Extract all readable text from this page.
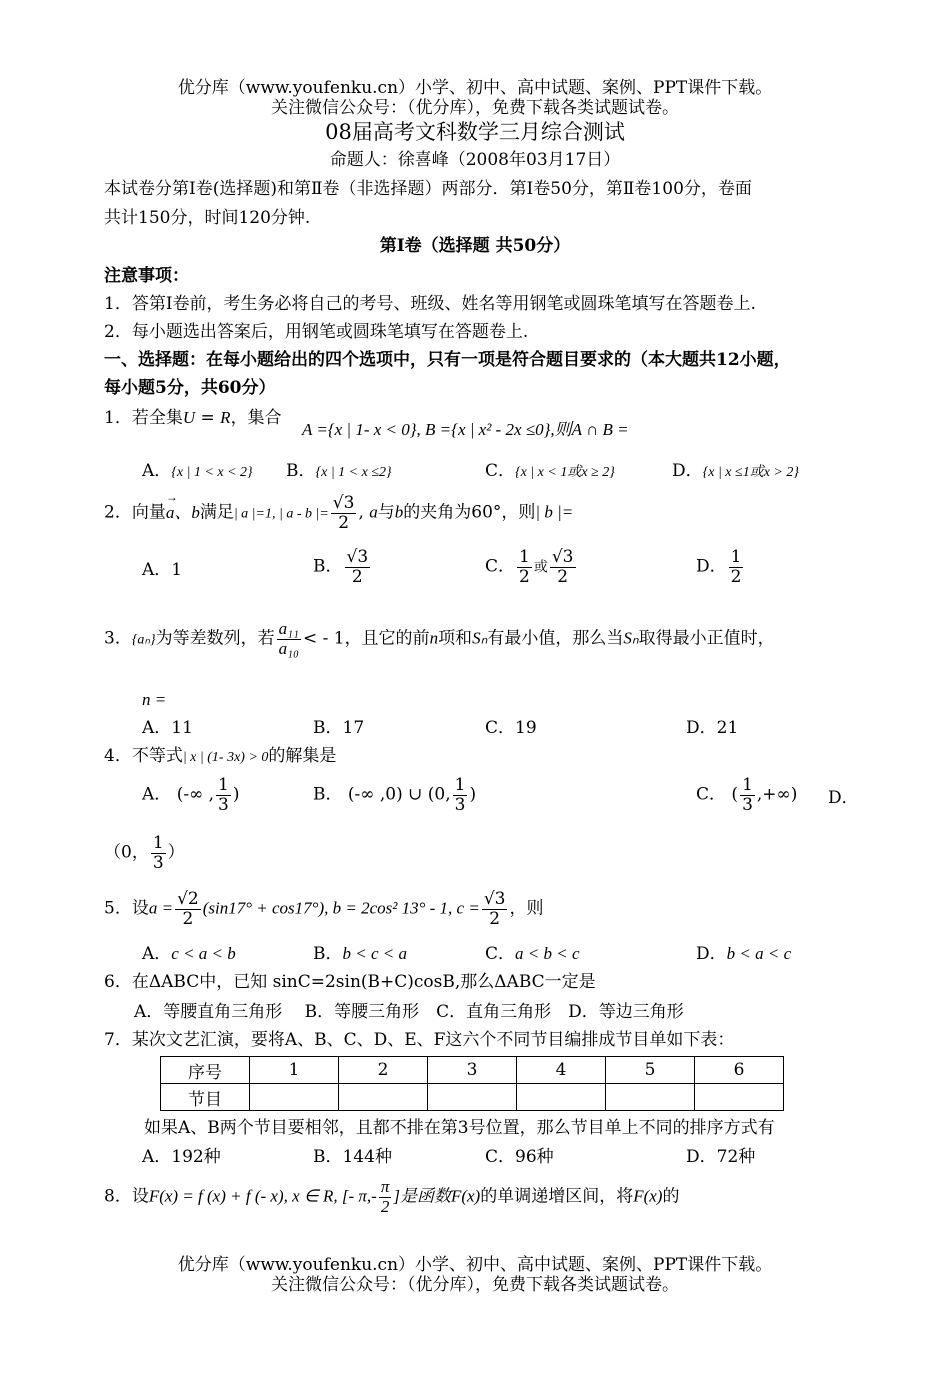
优分库（www.youfenku.cn）小学、初中、高中试题、案例、PPT课件下载。
关注微信公众号：（优分库），免费下载各类试题试卷。
08届高考文科数学三月综合测试
命题人：徐喜峰（2008年03月17日）
本试卷分第Ⅰ卷(选择题)和第Ⅱ卷（非选择题）两部分．第Ⅰ卷50分，第Ⅱ卷100分，卷面
共计150分，时间120分钟.
第Ⅰ卷（选择题 共50分）
注意事项：
1．答第Ⅰ卷前，考生务必将自己的考号、班级、姓名等用钢笔或圆珠笔填写在答题卷上.
2．每小题选出答案后，用钢笔或圆珠笔填写在答题卷上.
一、选择题：在每小题给出的四个选项中，只有一项是符合题目要求的（本大题共12小题，
每小题5分，共60分）
1．若全集U = R，集合
A ={x | 1- x < 0}, B ={x | x² - 2x ≤0},则A ∩ B =
A．{x | 1 < x < 2} B．{x | 1 < x ≤2}	C．{x | x < 1或x ≥ 2}	D．{x | x ≤1或x > 2}
2．向量→ a、b满足| a |=1, | a - b |= $\frac{√3}{2}$ , a与b的夹角为60°，则| b |=
A．1	B． $\frac{√3}{2}$	C． $\frac{1}{2}$ 或 $\frac{√3}{2}$	D． $\frac{1}{2}$
3．{aₙ}为等差数列，若 $\frac{\text{a₁₁}}{\text{a₁₀}}$ < - 1，且它的前n项和Sₙ有最小值，那么当Sₙ取得最小正值时，
n =
A．11	B．17	C．19	D．21
4．不等式| x | (1- 3x) > 0的解集是
A． (-∞ , $\frac{1}{3}$ )	B． (-∞ ,0) ∪ (0, $\frac{1}{3}$ )	C． ( $\frac{1}{3}$ ,+∞) D．
（0， $\frac{1}{3}$ ）
5．设$a = \frac{√2}{2} (\sin 17^\circ + \cos 17^\circ)$, b = 2cos² 13° - 1, $c = \frac{√3}{2}$ ，则
A．c < a < b	B．b < c < a	C．a < b < c	D．b < a < c
6．在ΔABC中，已知 sinC=2sin(B+C)cosB,那么ΔABC一定是
A．等腰直角三角形　 B．等腰三角形　C．直角三角形　D．等边三角形
7．某次文艺汇演，要将A、B、C、D、E、F这六个不同节目编排成节目单如下表：
序号	1	2	3	4	5	6
节目						
如果A、B两个节目要相邻，且都不排在第3号位置，那么节目单上不同的排序方式有
A．192种	B．144种	C．96种	D．72种
8．设F(x) = f (x) + f (- x), x ∈ R, [- $\pi,- \frac{\pi}{2}$ ]是函数F(x)的单调递增区间，将F(x)的
优分库（www.youfenku.cn）小学、初中、高中试题、案例、PPT课件下载。
关注微信公众号：（优分库），免费下载各类试题试卷。
